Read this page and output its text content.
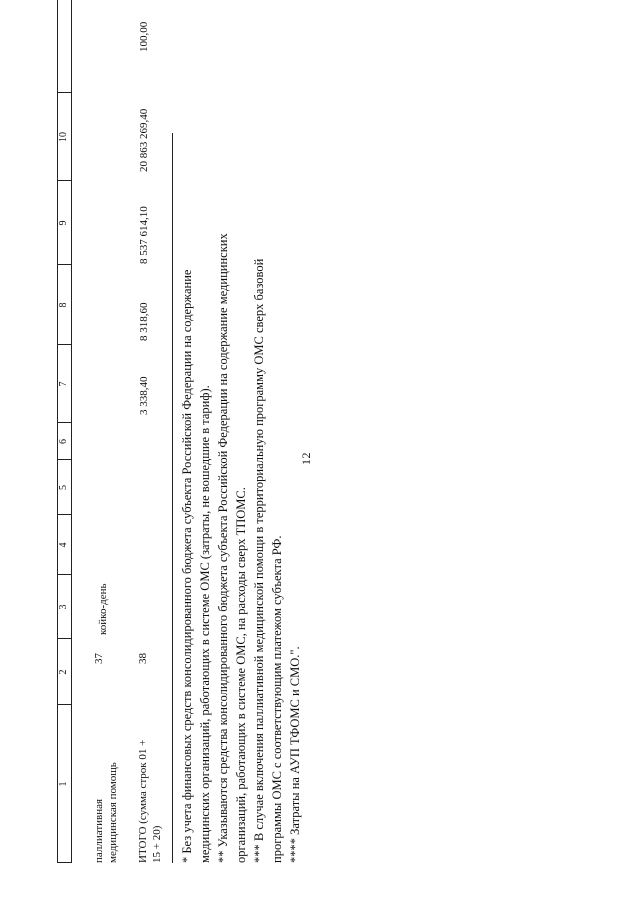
12
1
2
3
4
5
6
7
8
9
10
паллиативная медицинская помощь
37
койко-день
ИТОГО (сумма строк 01 + 15 + 20)
38
3 338,40
8 318,60
8 537 614,10
20 863 269,40
100,00
* Без учета финансовых средств консолидированного бюджета субъекта Российской Федерации на содержание медицинских организаций, работающих в системе ОМС (затраты, не вошедшие в тариф). ** Указываются средства консолидированного бюджета субъекта Российской Федерации на содержание медицинских организаций, работающих в системе ОМС, на расходы сверх ТПОМС. *** В случае включения паллиативной медицинской помощи в территориальную программу ОМС сверх базовой программы ОМС с соответствующим платежом субъекта РФ. **** Затраты на АУП ТФОМС и СМО.".
